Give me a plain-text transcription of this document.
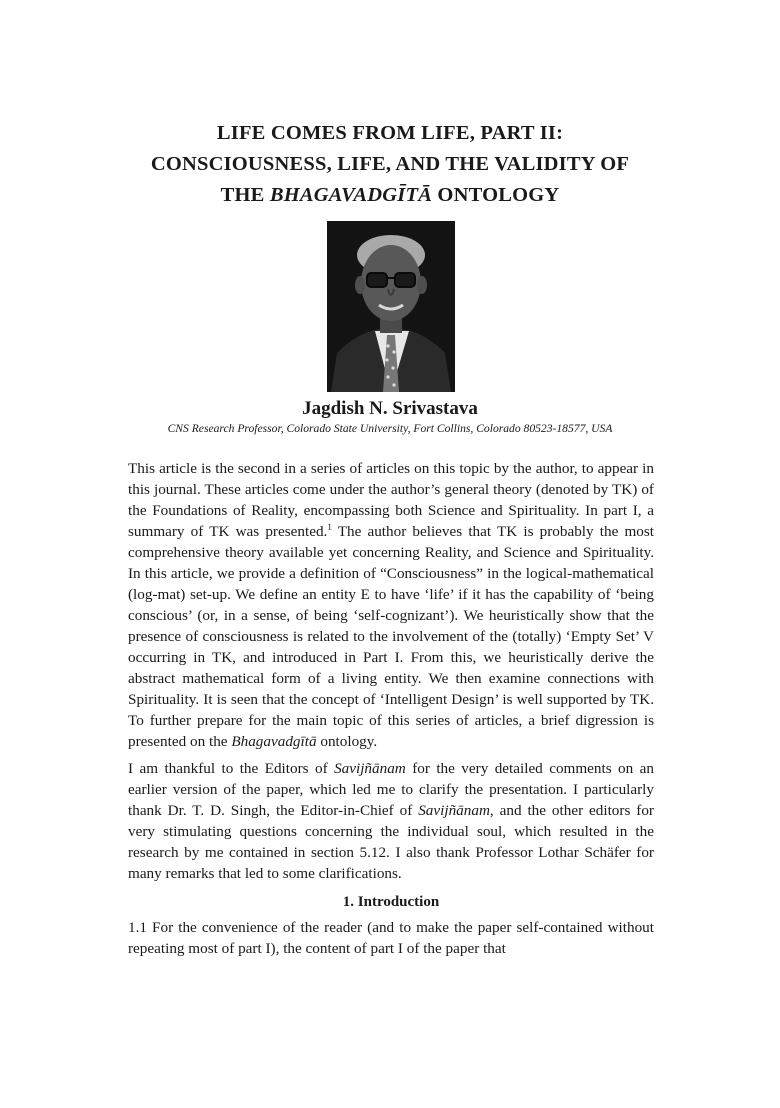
LIFE COMES FROM LIFE, PART II:
CONSCIOUSNESS, LIFE, AND THE VALIDITY OF
THE BHAGAVADGĪTĀ ONTOLOGY
Jagdish N. Srivastava
CNS Research Professor, Colorado State University, Fort Collins, Colorado 80523-18577, USA

This article is the second in a series of articles on this topic by the author, to appear in this journal. These articles come under the author’s general theory (denoted by TK) of the Foundations of Reality, encompassing both Science and Spirituality. In part I, a summary of TK was presented.$^1$ The author believes that TK is probably the most comprehensive theory available yet concerning Reality, and Science and Spirituality. In this article, we provide a definition of “Consciousness” in the logical-mathematical (log-mat) set-up. We define an entity E to have ‘life’ if it has the capability of ‘being conscious’ (or, in a sense, of being ‘self-cognizant’). We heuristically show that the presence of consciousness is related to the involvement of the (totally) ‘Empty Set’ V occurring in TK, and introduced in Part I. From this, we heuristically derive the abstract mathematical form of a living entity. We then examine connections with Spirituality. It is seen that the concept of ‘Intelligent Design’ is well supported by TK. To further prepare for the main topic of this series of articles, a brief digression is presented on the Bhagavadgītā ontology.

I am thankful to the Editors of Savijñānam for the very detailed comments on an earlier version of the paper, which led me to clarify the presentation. I particularly thank Dr. T. D. Singh, the Editor-in-Chief of Savijñānam, and the other editors for very stimulating questions concerning the individual soul, which resulted in the research by me contained in section 5.12. I also thank Professor Lothar Schäfer for many remarks that led to some clarifications.

1. Introduction

1.1 For the convenience of the reader (and to make the paper self-contained without repeating most of part I), the content of part I of the paper that
